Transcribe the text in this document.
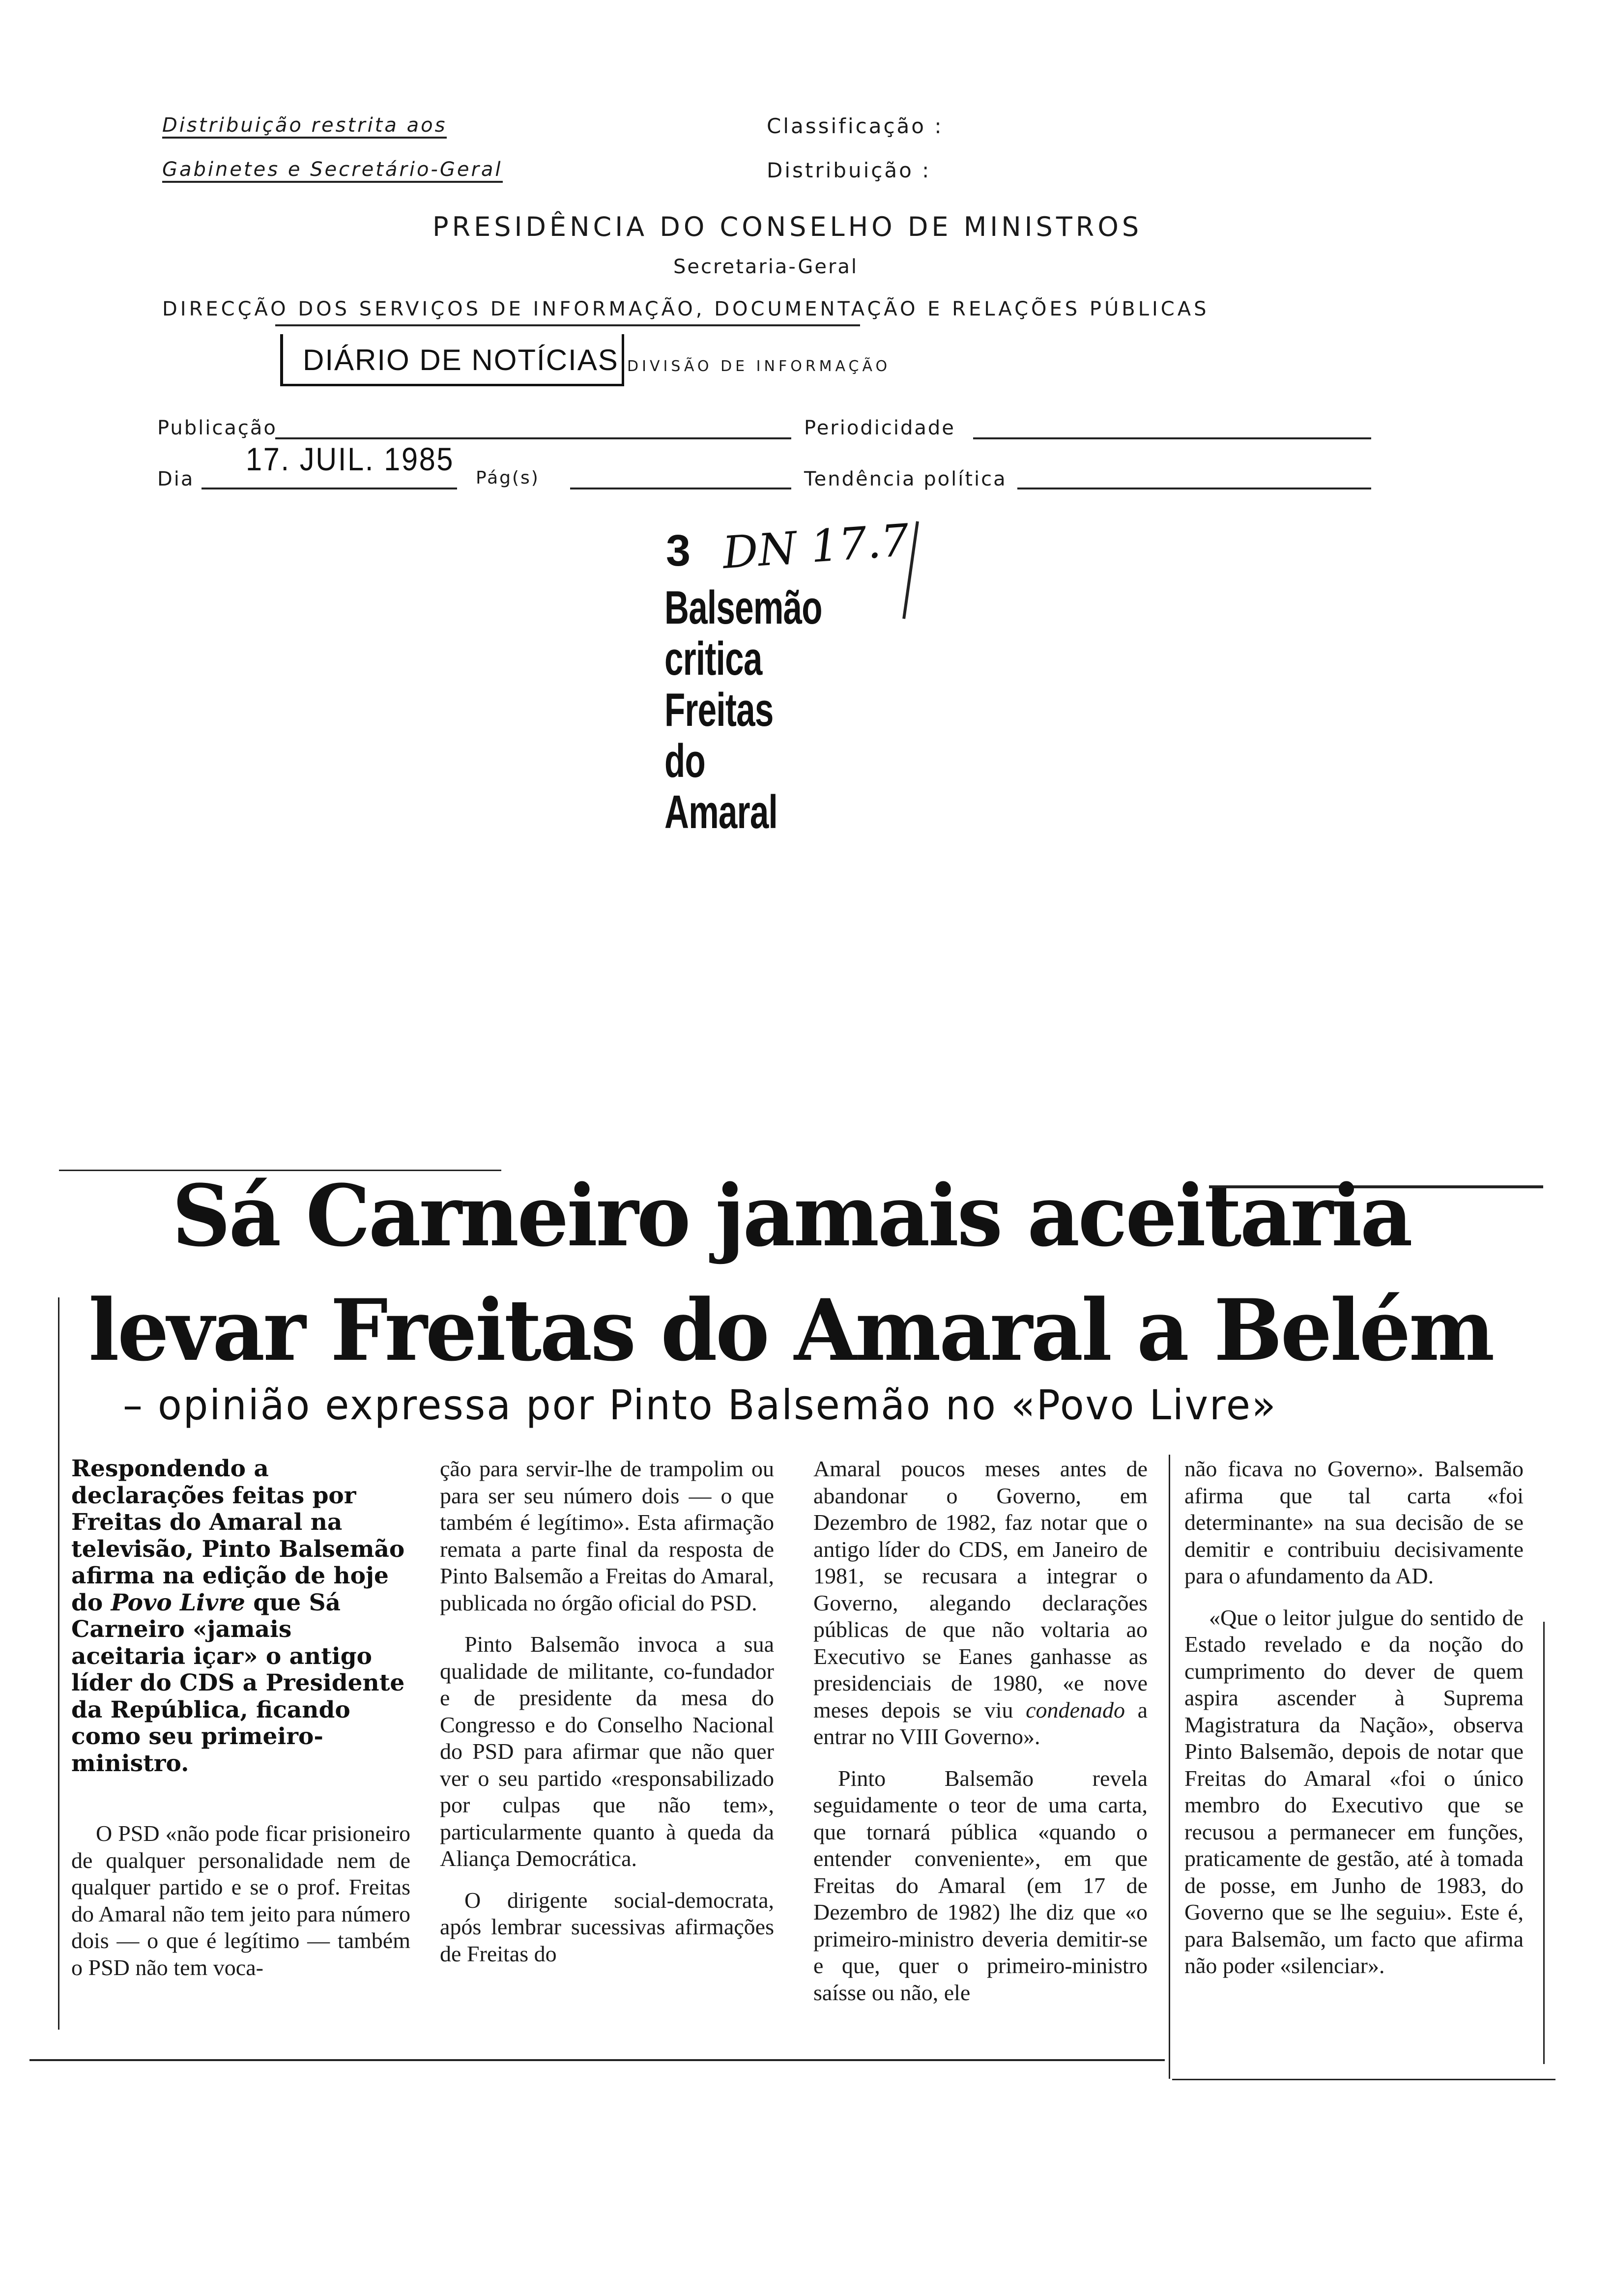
Distribuição restrita aos
Gabinetes e Secretário-Geral
Classificação :
Distribuição :
PRESIDÊNCIA DO CONSELHO DE MINISTROS
Secretaria-Geral
DIRECÇÃO DOS SERVIÇOS DE INFORMAÇÃO, DOCUMENTAÇÃO E RELAÇÕES PÚBLICAS
DIÁRIO DE NOTÍCIAS DIVISÃO DE INFORMAÇÃO
Publicação	Periodicidade
Dia
17. JUIL. 1985
Pág(s)	Tendência política
3 DN 17.7
Balsemão
critica
Freitas
do Amaral
Sá Carneiro jamais aceitaria
levar Freitas do Amaral a Belém
– opinião expressa por Pinto Balsemão no «Povo Livre»
Respondendo a declarações feitas por Freitas do Amaral na televisão, Pinto Balsemão afirma na edição de hoje do Povo Livre que Sá Carneiro «jamais aceitaria içar» o antigo líder do CDS a Presidente da República, ficando como seu primeiro-ministro.

O PSD «não pode ficar prisioneiro de qualquer personalidade nem de qualquer partido e se o prof. Freitas do Amaral não tem jeito para número dois — o que é legítimo — também o PSD não tem voca-

ção para servir-lhe de trampolim ou para ser seu número dois — o que também é legítimo». Esta afirmação remata a parte final da resposta de Pinto Balsemão a Freitas do Amaral, publicada no órgão oficial do PSD.

Pinto Balsemão invoca a sua qualidade de militante, co-fundador e de presidente da mesa do Congresso e do Conselho Nacional do PSD para afirmar que não quer ver o seu partido «responsabilizado por culpas que não tem», particularmente quanto à queda da Aliança Democrática.

O dirigente social-democrata, após lembrar sucessivas afirmações de Freitas do

Amaral poucos meses antes de abandonar o Governo, em Dezembro de 1982, faz notar que o antigo líder do CDS, em Janeiro de 1981, se recusara a integrar o Governo, alegando declarações públicas de que não voltaria ao Executivo se Eanes ganhasse as presidenciais de 1980, «e nove meses depois se viu condenado a entrar no VIII Governo».

Pinto Balsemão revela seguidamente o teor de uma carta, que tornará pública «quando o entender conveniente», em que Freitas do Amaral (em 17 de Dezembro de 1982) lhe diz que «o primeiro-ministro deveria demitir-se e que, quer o primeiro-ministro saísse ou não, ele

não ficava no Governo». Balsemão afirma que tal carta «foi determinante» na sua decisão de se demitir e contribuiu decisivamente para o afundamento da AD.

«Que o leitor julgue do sentido de Estado revelado e da noção do cumprimento do dever de quem aspira ascender à Suprema Magistratura da Nação», observa Pinto Balsemão, depois de notar que Freitas do Amaral «foi o único membro do Executivo que se recusou a permanecer em funções, praticamente de gestão, até à tomada de posse, em Junho de 1983, do Governo que se lhe seguiu». Este é, para Balsemão, um facto que afirma não poder «silenciar».
